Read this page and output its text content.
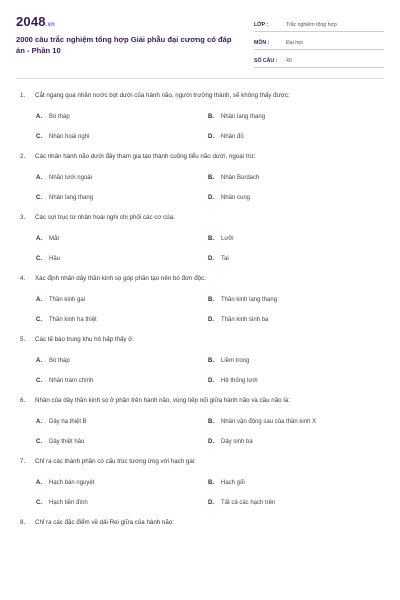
2048.vn
2000 câu trắc nghiệm tổng hợp Giải phẫu đại cương có đáp án - Phần 10
LỚP :	Trắc nghiệm tổng hợp
MÔN :	Đại học
SỐ CÂU :	40
1.	Cắt ngang qua nhân nước bọt dưới của hành não, người trưởng thành, sẽ không thấy được:
A.	Bó tháp	B.	Nhân lang thang
C.	Nhân hoài nghi	D.	Nhân đỏ
2.	Các nhân hành não dưới đây tham gia tạo thành cuống tiểu não dưới, ngoại trừ:
A.	Nhân lưới ngoài	B.	Nhân Burdach
C.	Nhân lang thang	D.	Nhân cung
3.	Các sợi trục từ nhân hoài nghi chi phối các cơ của:
A.	Mắt	B.	Lưỡi
C.	Hầu	D.	Tai
4.	Xác định nhân dây thần kinh sọ góp phần tạo nên bó đơn độc:
A.	Thần kinh gai	B.	Thần kinh lang thang
C.	Thần kinh hạ thiệt	D.	Thần kinh sinh ba
5.	Các tế bào trung khu hô hấp thấy ở:
A.	Bó tháp	B.	Liềm trong
C.	Nhân trám chính	D.	Hệ thống lưới
6.	Nhân của dây thần kinh sọ ở phần trên hành não, vùng tiếp nối giữa hành não và cầu não là:
A.	Dây hạ thiệt B	B.	Nhân vận động sau của thần kinh X
C.	Dây thiệt hầu	D.	Dây sinh ba
7.	Chỉ ra các thành phần có cấu trúc tương ứng với hạch gai:
A.	Hạch bán nguyệt	B.	Hạch gối
C.	Hạch tiền đình	D.	Tất cả các hạch trên
8.	Chỉ ra các đặc điểm về dải Rei giữa của hành não:
